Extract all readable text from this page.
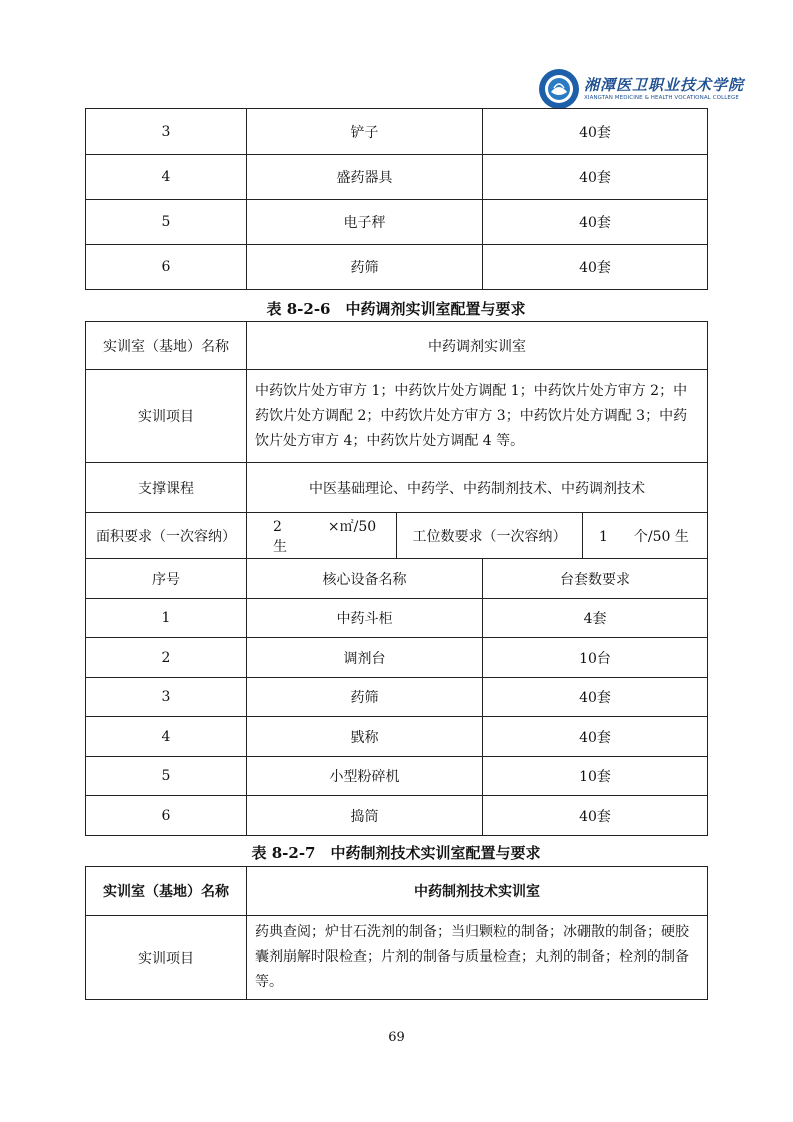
湘潭医卫职业技术学院
XIANGTAN MEDICINE & HEALTH VOCATIONAL COLLEGE
3	铲子	40套
4	盛药器具	40套
5	电子秤	40套
6	药筛	40套
表 8-2-6　中药调剂实训室配置与要求
实训室（基地）名称	中药调剂实训室			
实训项目	中药饮片处方审方 1；中药饮片处方调配 1；中药饮片处方审方 2；中药饮片处方调配 2；中药饮片处方审方 3；中药饮片处方调配 3；中药饮片处方审方 4；中药饮片处方调配 4 等。			
支撑课程	中医基础理论、中药学、中药制剂技术、中药调剂技术			
面积要求（一次容纳）	2 ×㎡/50 生	工位数要求（一次容纳）		1 个/50 生
序号	核心设备名称		台套数要求	
1	中药斗柜		4套	
2	调剂台		10台	
3	药筛		40套	
4	戥称		40套	
5	小型粉碎机		10套	
6	捣筒		40套	
表 8-2-7　中药制剂技术实训室配置与要求
实训室（基地）名称	中药制剂技术实训室
实训项目	药典查阅；炉甘石洗剂的制备；当归颗粒的制备；冰硼散的制备；硬胶囊剂崩解时限检查；片剂的制备与质量检查；丸剂的制备；栓剂的制备等。
69
